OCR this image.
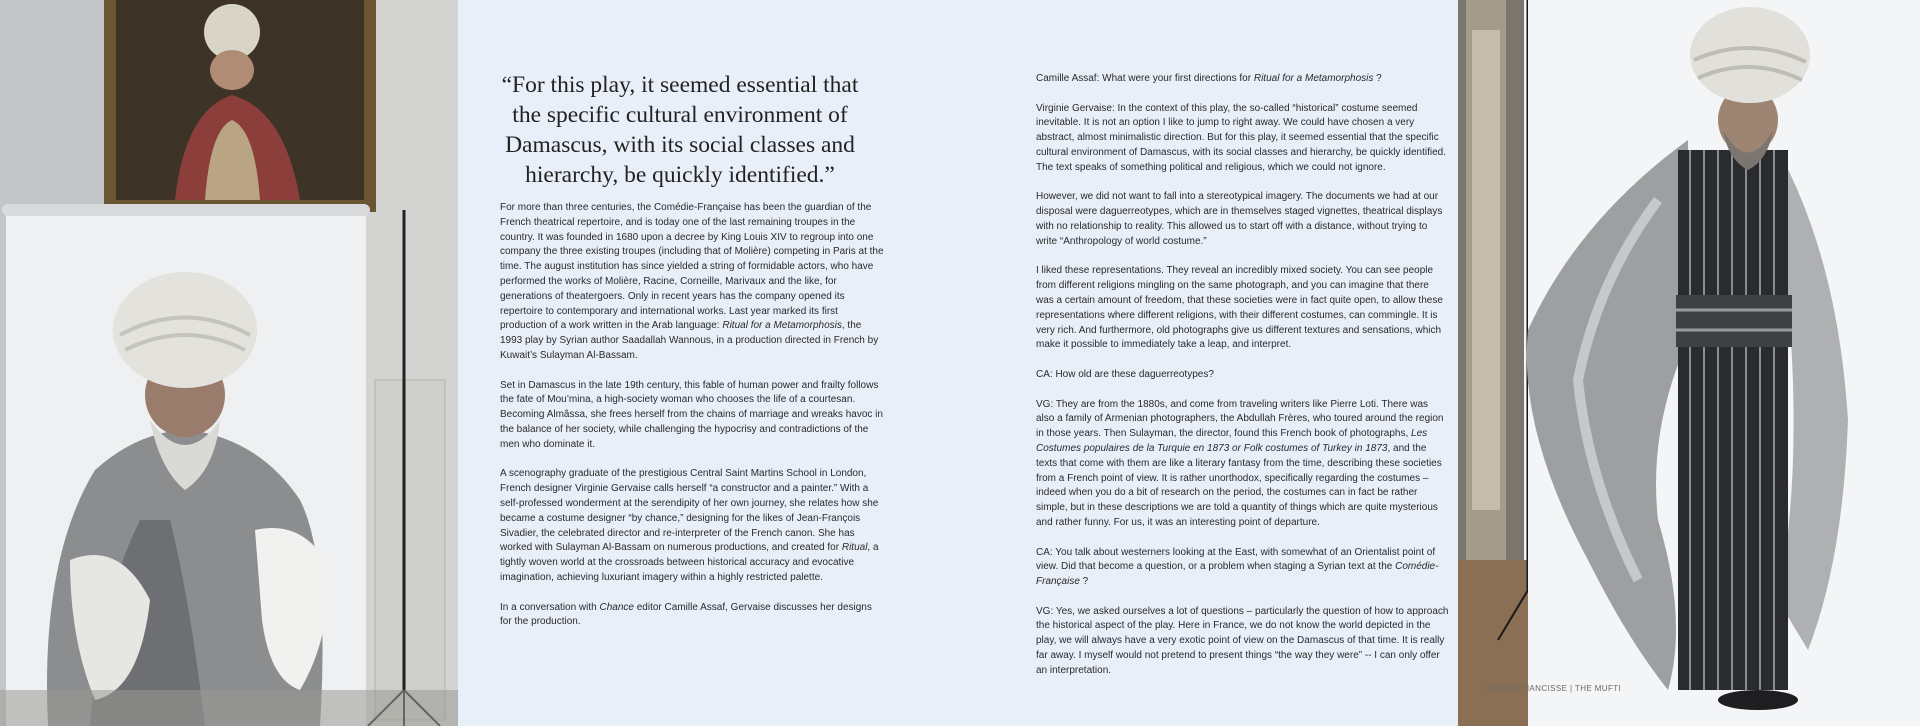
“For this play, it seemed essential that the specific cultural environment of Damascus, with its social classes and hierarchy, be quickly identified.”

For more than three centuries, the Comédie-Française has been the guardian of the French theatrical repertoire, and is today one of the last remaining troupes in the country. It was founded in 1680 upon a decree by King Louis XIV to regroup into one company the three existing troupes (including that of Molière) competing in Paris at the time. The august institution has since yielded a string of formidable actors, who have performed the works of Molière, Racine, Corneille, Marivaux and the like, for generations of theatergoers. Only in recent years has the company opened its repertoire to contemporary and international works. Last year marked its first production of a work written in the Arab language: Ritual for a Metamorphosis, the 1993 play by Syrian author Saadallah Wannous, in a production directed in French by Kuwait’s Sulayman Al-Bassam.

Set in Damascus in the late 19th century, this fable of human power and frailty follows the fate of Mou’mina, a high-society woman who chooses the life of a courtesan. Becoming Almâssa, she frees herself from the chains of marriage and wreaks havoc in the balance of her society, while challenging the hypocrisy and contradictions of the men who dominate it.

A scenography graduate of the prestigious Central Saint Martins School in London, French designer Virginie Gervaise calls herself “a constructor and a painter.” With a self-professed wonderment at the serendipity of her own journey, she relates how she became a costume designer “by chance,” designing for the likes of Jean-François Sivadier, the celebrated director and re-interpreter of the French canon. She has worked with Sulayman Al-Bassam on numerous productions, and created for Ritual, a tightly woven world at the crossroads between historical accuracy and evocative imagination, achieving luxuriant imagery within a highly restricted palette.

In a conversation with Chance editor Camille Assaf, Gervaise discusses her designs for the production.

Camille Assaf: What were your first directions for Ritual for a Metamorphosis ?

Virginie Gervaise: In the context of this play, the so-called “historical” costume seemed inevitable. It is not an option I like to jump to right away. We could have chosen a very abstract, almost minimalistic direction. But for this play, it seemed essential that the specific cultural environment of Damascus, with its social classes and hierarchy, be quickly identified. The text speaks of something political and religious, which we could not ignore.

However, we did not want to fall into a stereotypical imagery. The documents we had at our disposal were daguerreotypes, which are in themselves staged vignettes, theatrical displays with no relationship to reality. This allowed us to start off with a distance, without trying to write “Anthropology of world costume.”

I liked these representations. They reveal an incredibly mixed society. You can see people from different religions mingling on the same photograph, and you can imagine that there was a certain amount of freedom, that these societies were in fact quite open, to allow these representations where different religions, with their different costumes, can commingle. It is very rich. And furthermore, old photographs give us different textures and sensations, which make it possible to immediately take a leap, and interpret.

CA: How old are these daguerreotypes?

VG: They are from the 1880s, and come from traveling writers like Pierre Loti. There was also a family of Armenian photographers, the Abdullah Frères, who toured around the region in those years. Then Sulayman, the director, found this French book of photographs, Les Costumes populaires de la Turquie en 1873 or Folk costumes of Turkey in 1873, and the texts that come with them are like a literary fantasy from the time, describing these societies from a French point of view. It is rather unorthodox, specifically regarding the costumes – indeed when you do a bit of research on the period, the costumes can in fact be rather simple, but in these descriptions we are told a quantity of things which are quite mysterious and rather funny. For us, it was an interesting point of departure.

CA: You talk about westerners looking at the East, with somewhat of an Orientalist point of view. Did that become a question, or a problem when staging a Syrian text at the Comédie-Française ?

VG: Yes, we asked ourselves a lot of questions – particularly the question of how to approach the historical aspect of the play. Here in France, we do not know the world depicted in the play, we will always have a very exotic point of view on the Damascus of that time. It is really far away. I myself would not pretend to present things “the way they were” -- I can only offer an interpretation.

THIERRY HANCISSE | THE MUFTI
